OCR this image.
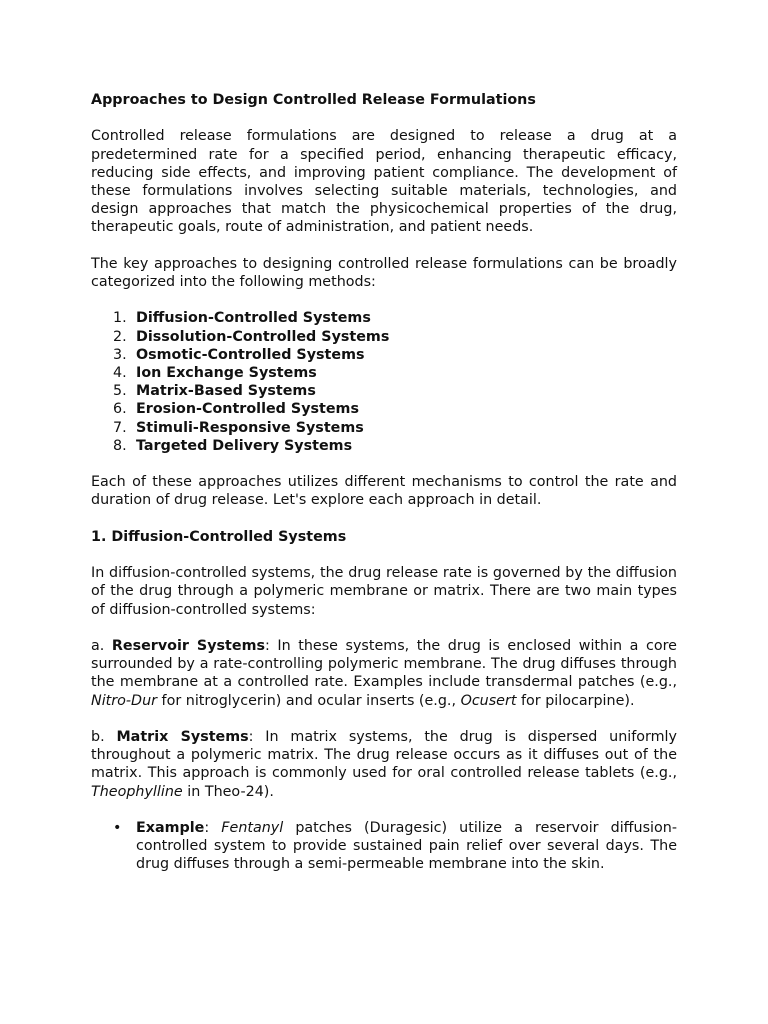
Approaches to Design Controlled Release Formulations

Controlled release formulations are designed to release a drug at a predetermined rate for a specified period, enhancing therapeutic efficacy, reducing side effects, and improving patient compliance. The development of these formulations involves selecting suitable materials, technologies, and design approaches that match the physicochemical properties of the drug, therapeutic goals, route of administration, and patient needs.

The key approaches to designing controlled release formulations can be broadly categorized into the following methods:

1. Diffusion-Controlled Systems
2. Dissolution-Controlled Systems
3. Osmotic-Controlled Systems
4. Ion Exchange Systems
5. Matrix-Based Systems
6. Erosion-Controlled Systems
7. Stimuli-Responsive Systems
8. Targeted Delivery Systems

Each of these approaches utilizes different mechanisms to control the rate and duration of drug release. Let's explore each approach in detail.

1. Diffusion-Controlled Systems

In diffusion-controlled systems, the drug release rate is governed by the diffusion of the drug through a polymeric membrane or matrix. There are two main types of diffusion-controlled systems:

a. Reservoir Systems: In these systems, the drug is enclosed within a core surrounded by a rate-controlling polymeric membrane. The drug diffuses through the membrane at a controlled rate. Examples include transdermal patches (e.g., Nitro-Dur for nitroglycerin) and ocular inserts (e.g., Ocusert for pilocarpine).

b. Matrix Systems: In matrix systems, the drug is dispersed uniformly throughout a polymeric matrix. The drug release occurs as it diffuses out of the matrix. This approach is commonly used for oral controlled release tablets (e.g., Theophylline in Theo-24).

• Example: Fentanyl patches (Duragesic) utilize a reservoir diffusion-controlled system to provide sustained pain relief over several days. The drug diffuses through a semi-permeable membrane into the skin.
